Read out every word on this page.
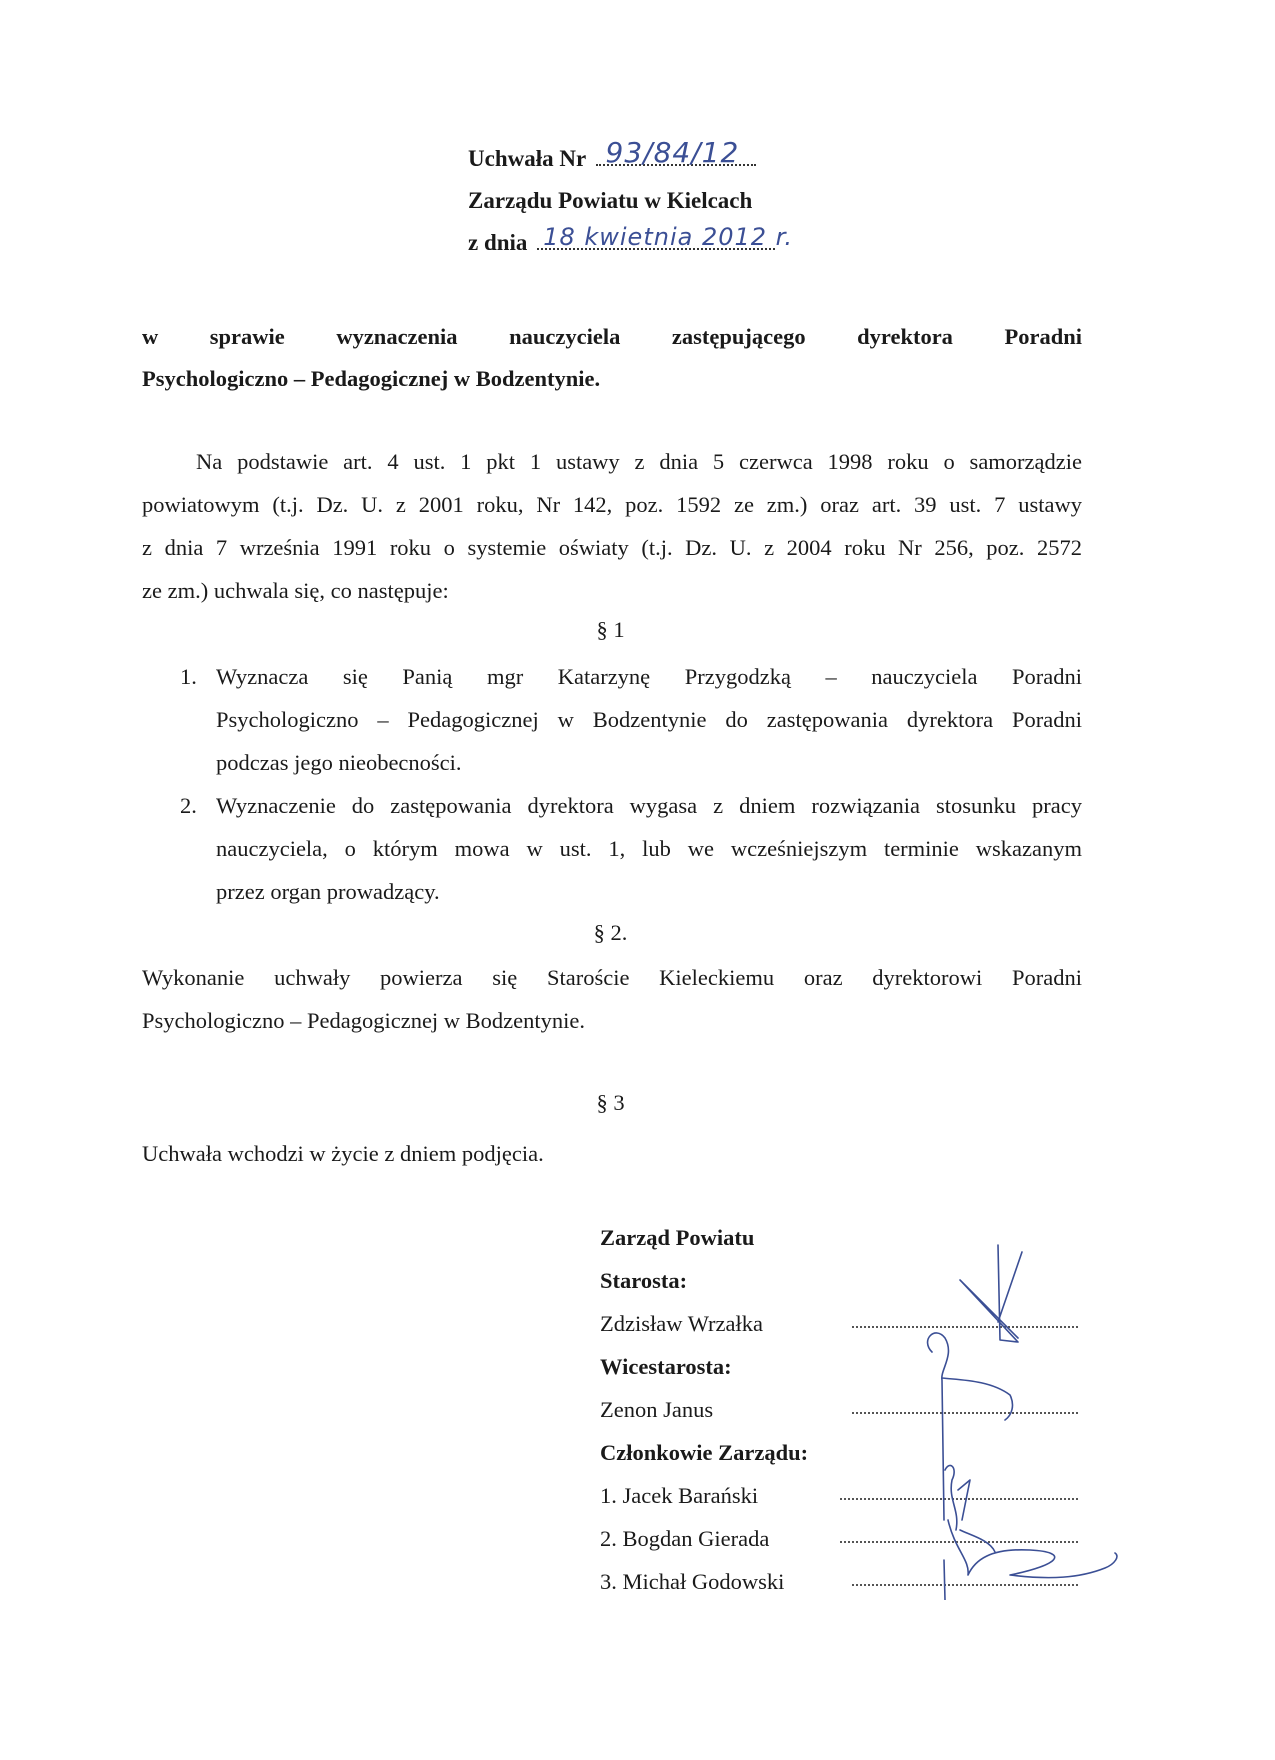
Uchwała Nr 93/84/12
Zarządu Powiatu w Kielcach
z dnia 18 kwietnia 2012 r.
w sprawie wyznaczenia nauczyciela zastępującego dyrektora Poradni
Psychologiczno – Pedagogicznej w Bodzentynie.
Na podstawie art. 4 ust. 1 pkt 1 ustawy z dnia 5 czerwca 1998 roku o samorządzie
powiatowym (t.j. Dz. U. z 2001 roku, Nr 142, poz. 1592 ze zm.) oraz art. 39 ust. 7 ustawy
z dnia 7 września 1991 roku o systemie oświaty (t.j. Dz. U. z 2004 roku Nr 256, poz. 2572
ze zm.) uchwala się, co następuje:
§ 1
1. Wyznacza się Panią mgr Katarzynę Przygodzką – nauczyciela Poradni
Psychologiczno – Pedagogicznej w Bodzentynie do zastępowania dyrektora Poradni
podczas jego nieobecności.
2. Wyznaczenie do zastępowania dyrektora wygasa z dniem rozwiązania stosunku pracy
nauczyciela, o którym mowa w ust. 1, lub we wcześniejszym terminie wskazanym
przez organ prowadzący.
§ 2.
Wykonanie uchwały powierza się Staroście Kieleckiemu oraz dyrektorowi Poradni
Psychologiczno – Pedagogicznej w Bodzentynie.
§ 3
Uchwała wchodzi w życie z dniem podjęcia.
Zarząd Powiatu
Starosta:
Zdzisław Wrzałka
Wicestarosta:
Zenon Janus
Członkowie Zarządu:
1. Jacek Barański
2. Bogdan Gierada
3. Michał Godowski
